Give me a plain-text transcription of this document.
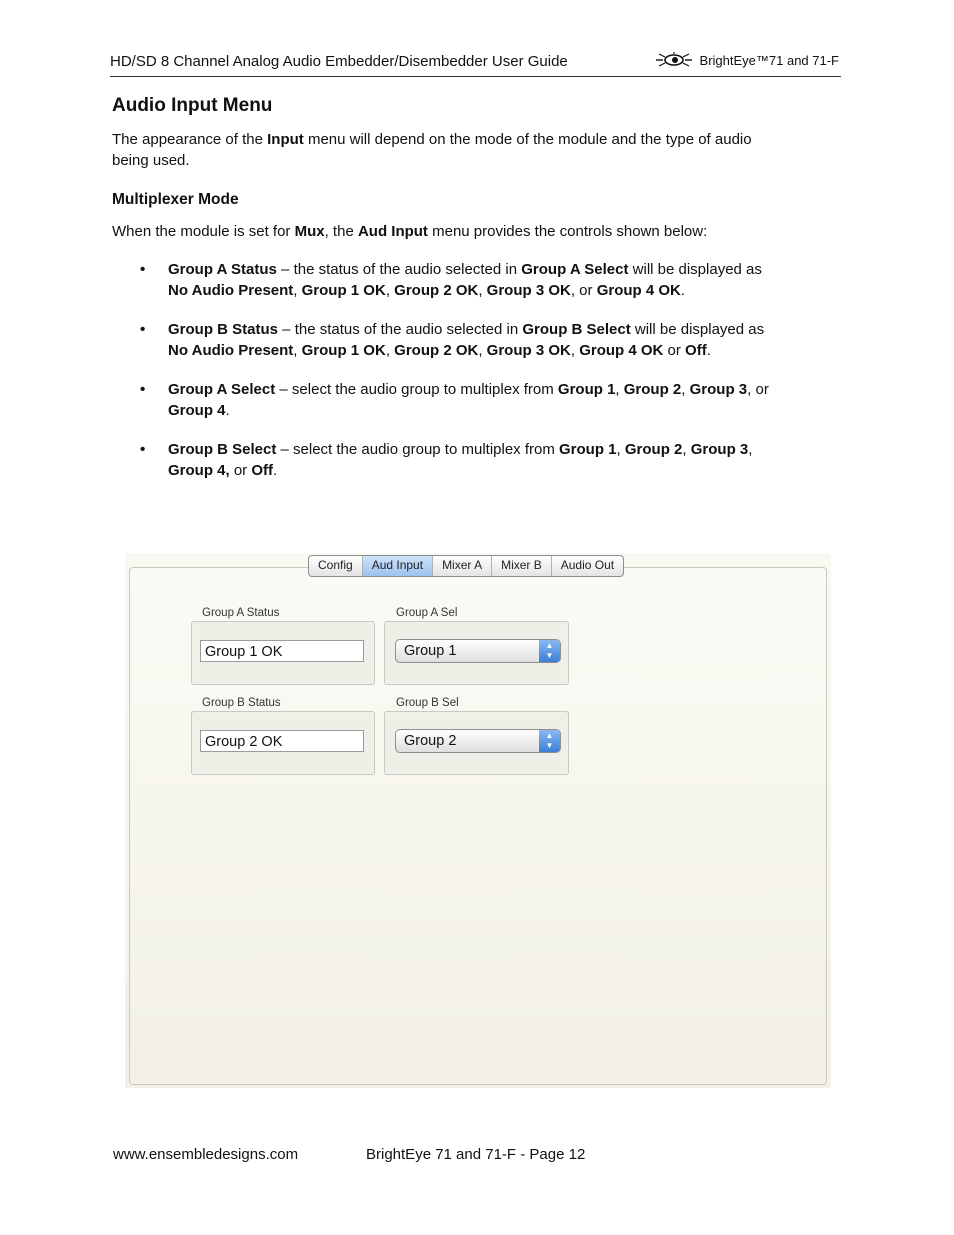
HD/SD 8 Channel Analog Audio Embedder/Disembedder User Guide	BrightEye™71 and 71-F
Audio Input Menu

The appearance of the Input menu will depend on the mode of the module and the type of audio

being used.

Multiplexer Mode

When the module is set for Mux, the Aud Input menu provides the controls shown below:

• Group A Status – the status of the audio selected in Group A Select will be displayed as
No Audio Present, Group 1 OK, Group 2 OK, Group 3 OK, or Group 4 OK.
• Group B Status – the status of the audio selected in Group B Select will be displayed as
No Audio Present, Group 1 OK, Group 2 OK, Group 3 OK, Group 4 OK or Off.
• Group A Select – select the audio group to multiplex from Group 1, Group 2, Group 3, or
Group 4.
• Group B Select – select the audio group to multiplex from Group 1, Group 2, Group 3,
Group 4, or Off.
Config	Aud Input	Mixer A	Mixer B	Audio Out
Group A Status
Group 1 OK
Group A Sel
Group 1	▲
▼
Group B Status
Group 2 OK
Group B Sel
Group 2	▲
▼
www.ensembledesigns.com	BrightEye 71 and 71-F - Page 12
